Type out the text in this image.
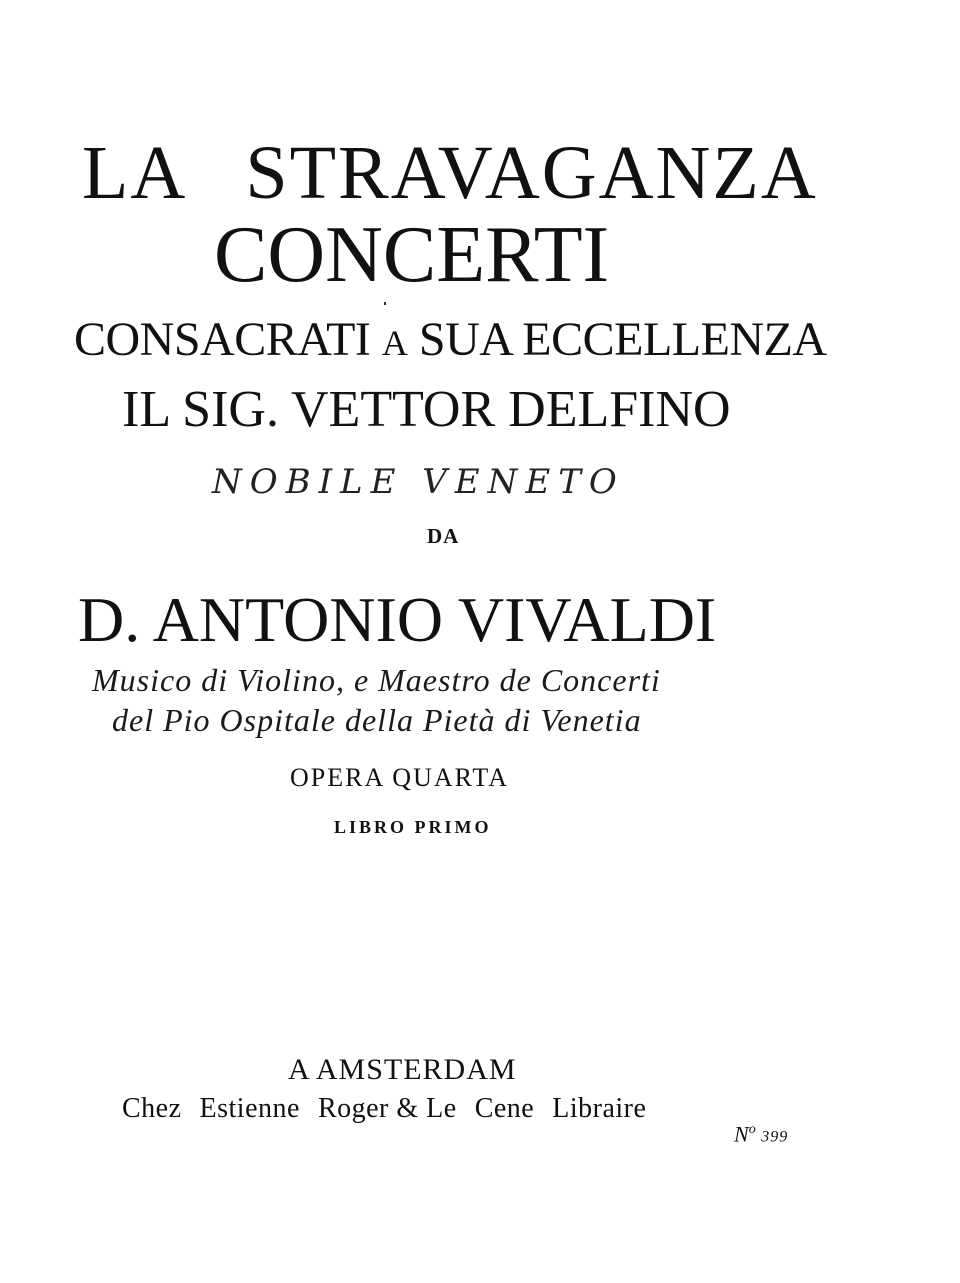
LA STRAVAGANZA
CONCERTI
CONSACRATI A SUA ECCELLENZA
IL SIG. VETTOR DELFINO
NOBILE VENETO
DA
D. ANTONIO VIVALDI
Musico di Violino, e Maestro de Concerti
del Pio Ospitale della Pietà di Venetia
OPERA QUARTA
LIBRO PRIMO
A AMSTERDAM
Chez Estienne Roger & Le Cene Libraire
$N^o$ 399
